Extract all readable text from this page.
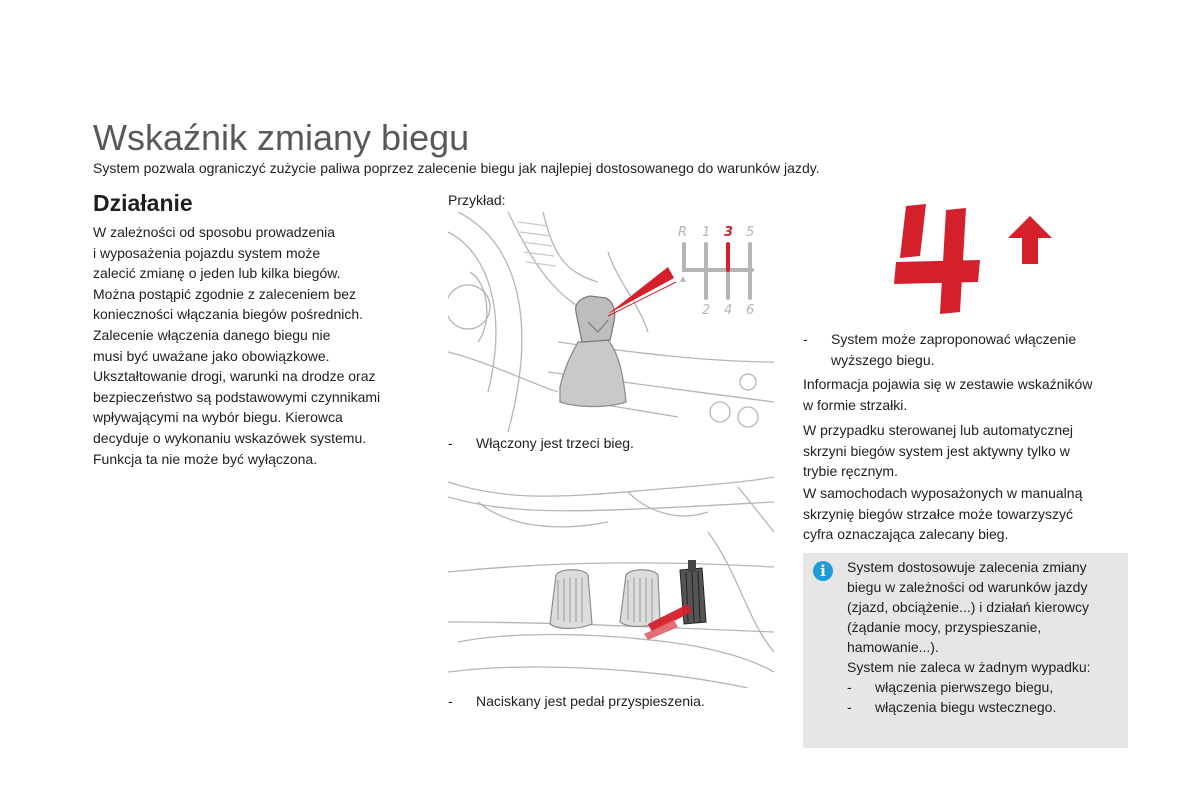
Wskaźnik zmiany biegu
System pozwala ograniczyć zużycie paliwa poprzez zalecenie biegu jak najlepiej dostosowanego do warunków jazdy.
Działanie
W zależności od sposobu prowadzenia
i wyposażenia pojazdu system może
zalecić zmianę o jeden lub kilka biegów.
Można postąpić zgodnie z zaleceniem bez
konieczności włączania biegów pośrednich.
Zalecenie włączenia danego biegu nie
musi być uważane jako obowiązkowe.
Ukształtowanie drogi, warunki na drodze oraz
bezpieczeństwo są podstawowymi czynnikami
wpływającymi na wybór biegu. Kierowca
decyduje o wykonaniu wskazówek systemu.
Funkcja ta nie może być wyłączona.
Przykład:
R 1 3 5
2 4 6
- Włączony jest trzeci bieg.
- Naciskany jest pedał przyspieszenia.
- System może zaproponować włączenie
wyższego biegu.
Informacja pojawia się w zestawie wskaźników
w formie strzałki.
W przypadku sterowanej lub automatycznej
skrzyni biegów system jest aktywny tylko w
trybie ręcznym.
W samochodach wyposażonych w manualną
skrzynię biegów strzałce może towarzyszyć
cyfra oznaczająca zalecany bieg.
i	System dostosowuje zalecenia zmiany
biegu w zależności od warunków jazdy
(zjazd, obciążenie...) i działań kierowcy
(żądanie mocy, przyspieszanie,
hamowanie...).
System nie zaleca w żadnym wypadku:
- włączenia pierwszego biegu,
- włączenia biegu wstecznego.
